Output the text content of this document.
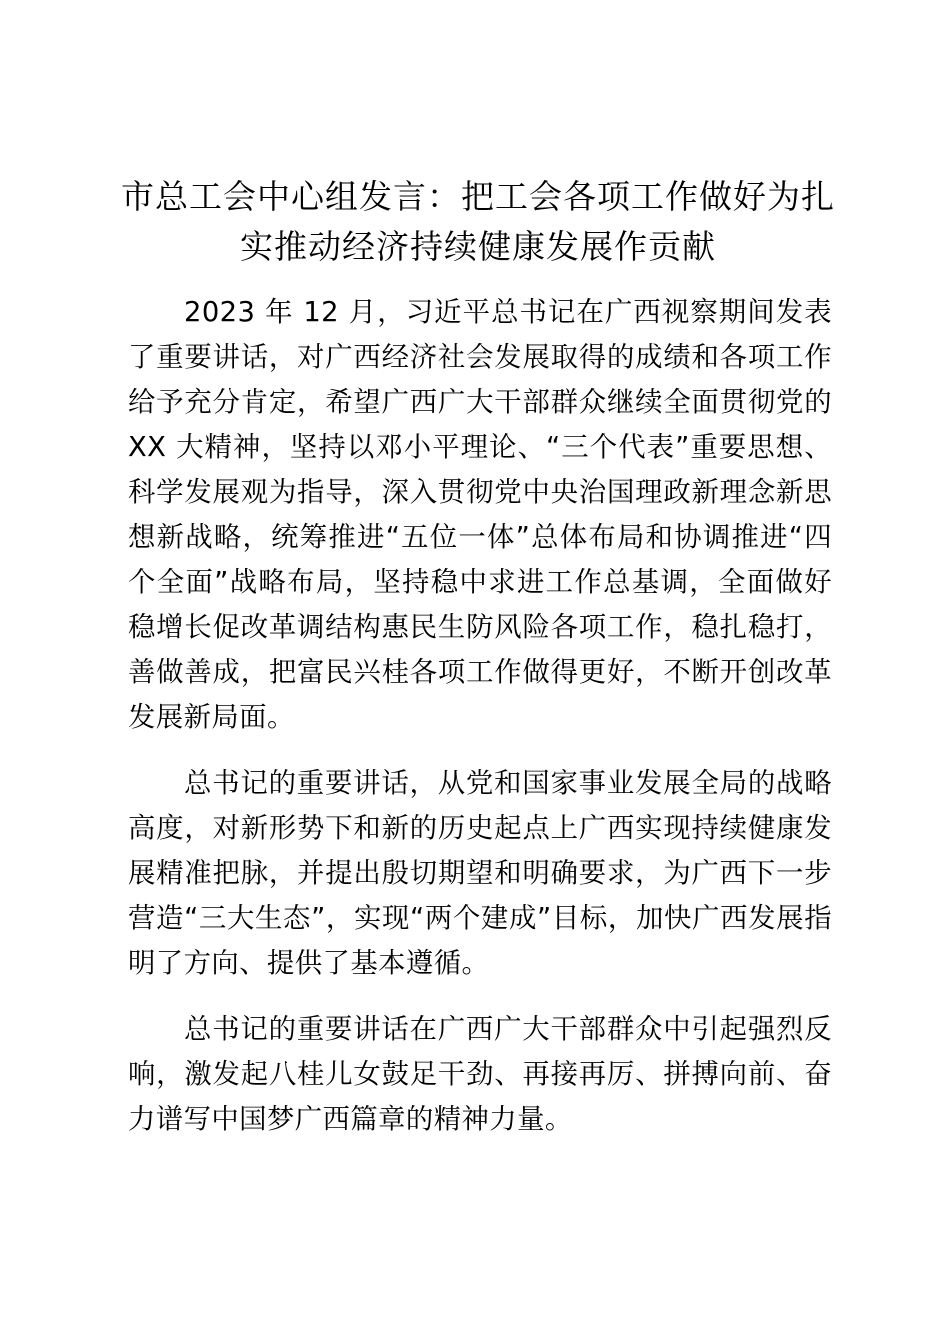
市总工会中心组发言：把工会各项工作做好为扎实推动经济持续健康发展作贡献

2023 年 12 月，习近平总书记在广西视察期间发表了重要讲话，对广西经济社会发展取得的成绩和各项工作给予充分肯定，希望广西广大干部群众继续全面贯彻党的 XX 大精神，坚持以邓小平理论、“三个代表”重要思想、科学发展观为指导，深入贯彻党中央治国理政新理念新思想新战略，统筹推进“五位一体”总体布局和协调推进“四个全面”战略布局，坚持稳中求进工作总基调，全面做好稳增长促改革调结构惠民生防风险各项工作，稳扎稳打，善做善成，把富民兴桂各项工作做得更好，不断开创改革发展新局面。

总书记的重要讲话，从党和国家事业发展全局的战略高度，对新形势下和新的历史起点上广西实现持续健康发展精准把脉，并提出殷切期望和明确要求，为广西下一步营造“三大生态”，实现“两个建成”目标，加快广西发展指明了方向、提供了基本遵循。

总书记的重要讲话在广西广大干部群众中引起强烈反响，激发起八桂儿女鼓足干劲、再接再厉、拼搏向前、奋力谱写中国梦广西篇章的精神力量。
